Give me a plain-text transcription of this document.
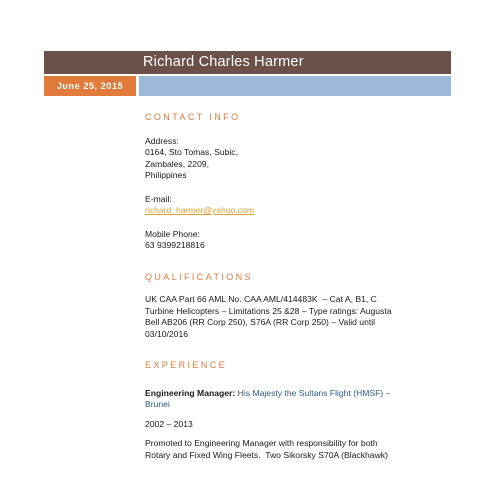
Richard Charles Harmer
June 25, 2015
CONTACT INFO
Address:
0164, Sto Tomas, Subic,
Zambales, 2209,
Philippines
E-mail:
richard_harmer@yahoo.com
Mobile Phone:
63 9399218816
QUALIFICATIONS
UK CAA Part 66 AML No. CAA AML/414483K  – Cat A, B1, C
Turbine Helicopters – Limitations 25 &28 – Type ratings: Augusta
Bell AB206 (RR Corp 250), S76A (RR Corp 250) – Valid until
03/10/2016
EXPERIENCE
Engineering Manager: His Majesty the Sultans Flight (HMSF) –
Brunei
2002 – 2013
Promoted to Engineering Manager with responsibility for both
Rotary and Fixed Wing Fleets.  Two Sikorsky S70A (Blackhawk)
